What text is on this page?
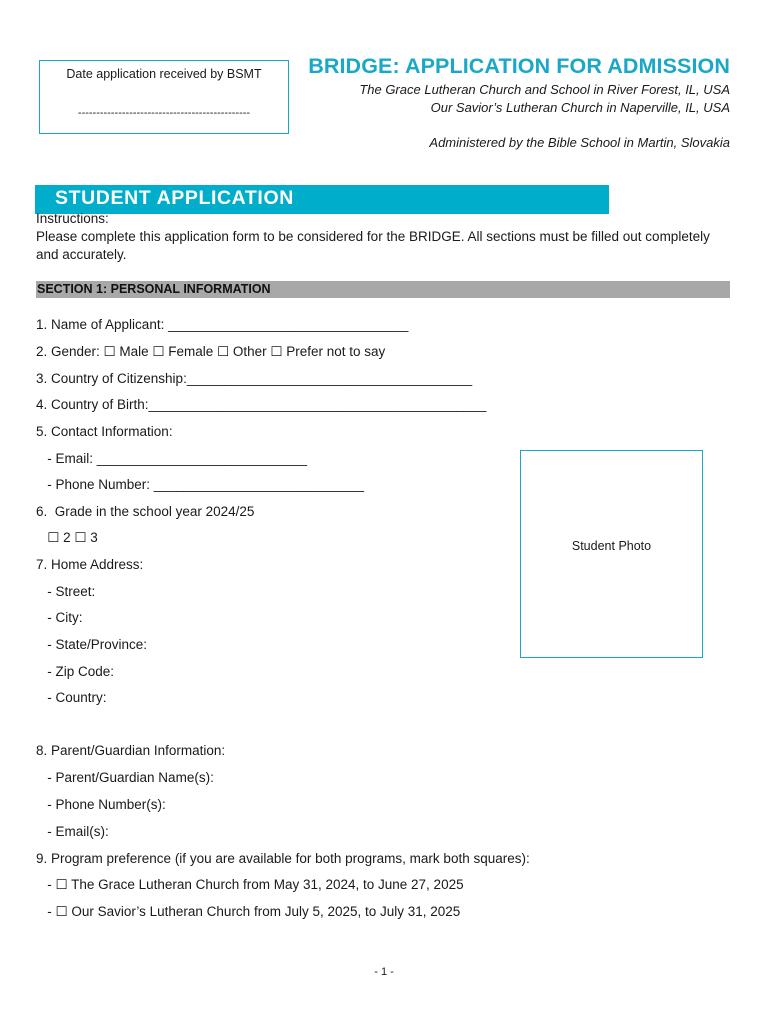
Date application received by BSMT
-----------------------------------------------
BRIDGE: APPLICATION FOR ADMISSION
The Grace Lutheran Church and School in River Forest, IL, USA
Our Savior’s Lutheran Church in Naperville, IL, USA
Administered by the Bible School in Martin, Slovakia
STUDENT APPLICATION
Instructions:
Please complete this application form to be considered for the BRIDGE. All sections must be filled out completely and accurately.
SECTION 1: PERSONAL INFORMATION
1. Name of Applicant: ________________________________
2. Gender: ☐ Male ☐ Female ☐ Other ☐ Prefer not to say
3. Country of Citizenship:______________________________________
4. Country of Birth:_____________________________________________
5. Contact Information:
- Email: ____________________________
- Phone Number: ____________________________
6.  Grade in the school year 2024/25
☐ 2 ☐ 3
7. Home Address:
- Street:
- City:
- State/Province:
- Zip Code:
- Country:
8. Parent/Guardian Information:
- Parent/Guardian Name(s):
- Phone Number(s):
- Email(s):
9. Program preference (if you are available for both programs, mark both squares):
- ☐ The Grace Lutheran Church from May 31, 2024, to June 27, 2025
- ☐ Our Savior’s Lutheran Church from July 5, 2025, to July 31, 2025
Student Photo
- 1 -
